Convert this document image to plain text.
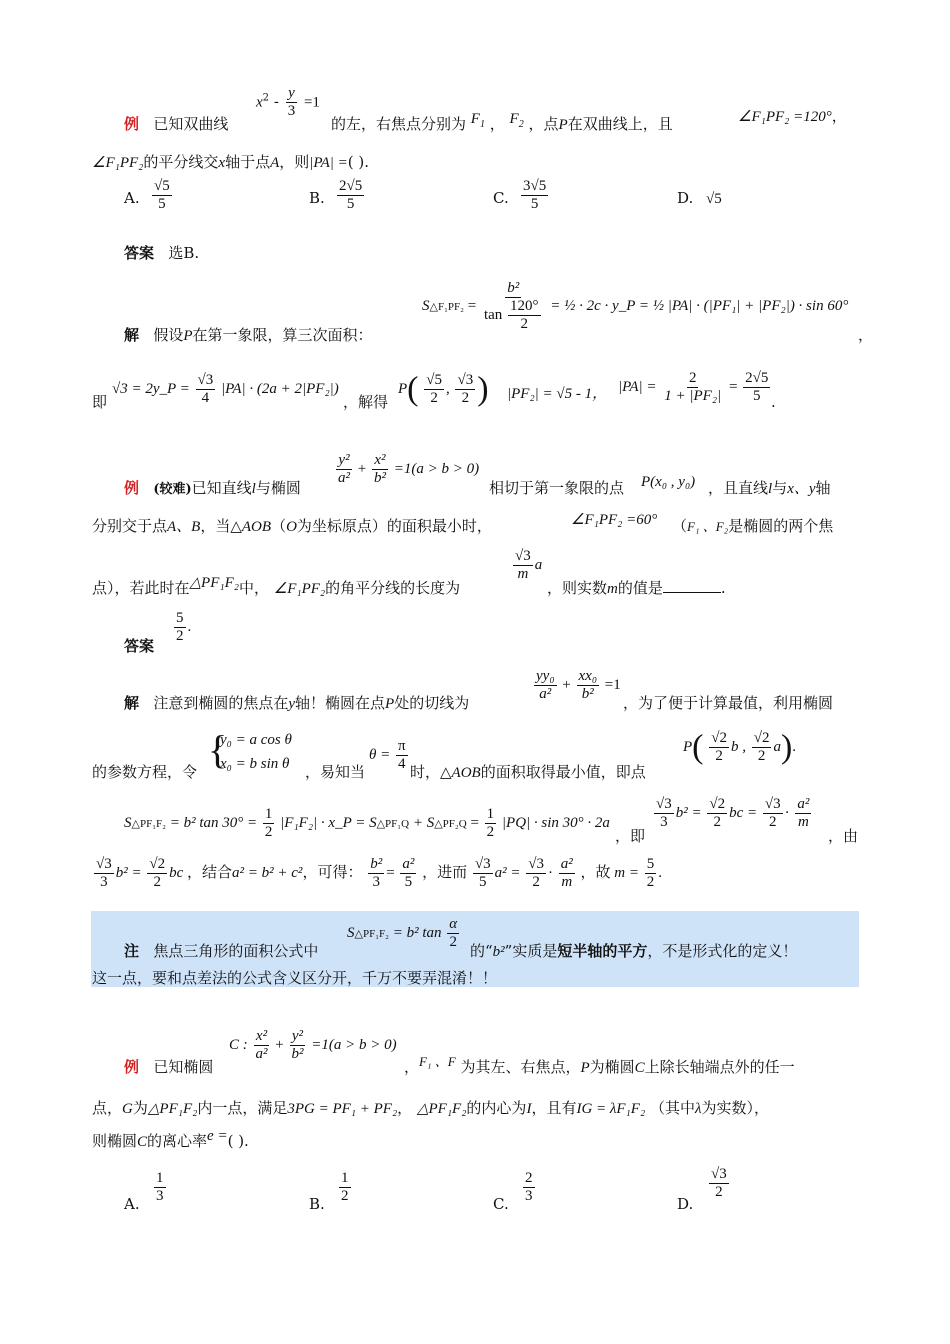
$x^2 - \frac{y}{3} =1$
例 已知双曲线	的左，右焦点分别为 $F_1$ ， $F_2$ ，点P在双曲线上，且	∠F₁PF₂ =120°，
∠F₁PF₂的平分线交x轴于点A，则|PA| =( ).
A.
√5
5	B.
2√5
5	C.
3√5
5	D. √5
答案 选B.
S△F₁PF₂ = $\frac{\text{b²}}{\tan \frac{120^\circ}{2}}$ = ½ · 2c · y_P = ½ |PA| · (|PF₁| + |PF₂|) · sin 60°
解 假设P在第一象限，算三次面积：	，
即
√3 = 2y_P = $\frac{√3}{4} |PA| \cdot (2a + 2|PF_2|)$
，解得
$P( \frac{√5}{2}$ , $\frac{√3}{2}$ ) |PF₂| = √5 - 1， $|PA| = \frac{2}{\text{1 + |PF₂|}} = \frac{2√5}{5}$ .
$\frac{\text{y²}}{\text{a²}} + \frac{\text{x²}}{\text{b²}} =1(a > b > 0)$
例 (较难)已知直线l与椭圆	相切于第一象限的点 P(x₀ , y₀) ，且直线l与x、y轴
分别交于点A、B，当△AOB（O为坐标原点）的面积最小时，	∠F₁PF₂ =60° （F₁ 、F₂是椭圆的两个焦
点），若此时在△PF₁F₂中， ∠F₁PF₂的角平分线的长度为
$\frac{√3}{m}$ a
，则实数m的值是	.
答案
$\frac{5}{2}$ .
解 注意到椭圆的焦点在y轴！椭圆在点P处的切线为	$\frac{\text{yy₀}}{\text{a²}} + \frac{\text{xx₀}}{\text{b²}} =1$
，为了便于计算最值，利用椭圆
的参数方程，令 {
y₀ = a cos θ
x₀ = b sin θ ，易知当
$\theta = \frac{\pi}{4}$ 时，△AOB的面积取得最小值，即点
$P( \frac{√2}{2}$ b , $\frac{√2}{2} a$).
S△PF₁F₂ = b² $\tan 30^\circ = \frac{1}{2} |F_1F_2|$ · x_P = S△PF₁Q + S△PF₂Q = $\frac{1}{2} |PQ| \cdot \sin 30^\circ \cdot 2a$
，即
$\frac{√3}{3} b^2 = \frac{√2}{2}$ bc = $\frac{√3}{2} \cdot \frac{\text{a²}}{m}$
，由
$\frac{√3}{3} b^2 = \frac{√2}{2}$ bc ，结合a² = b² + c²，可得： $\frac{\text{b²}}{3} = \frac{\text{a²}}{5}$ ，进而 $\frac{√3}{5} a^2 = \frac{√3}{2} \cdot \frac{\text{a²}}{m}$ ，故 $m = \frac{5}{2}$ .
注 焦点三角形的面积公式中
S△PF₁F₂ = b² $\tan \frac{\alpha}{2}$ 的“b²”实质是短半轴的平方，不是形式化的定义！
这一点，要和点差法的公式含义区分开，千万不要弄混淆！！
C : $\frac{\text{x²}}{\text{a²}} + \frac{\text{y²}}{\text{b²}} =1(a > b > 0)$
例 已知椭圆	，F₁ 、F 为其左、右焦点，P为椭圆C上除长轴端点外的任一
点，G为△PF₁F₂内一点，满足3PG = PF₁ + PF₂， △PF₁F₂的内心为I，且有IG = λF₁F₂ （其中λ为实数），
则椭圆C的离心率e =( ).
A.
1
3	B.
1
2	C.
2
3	D.
√3
2
